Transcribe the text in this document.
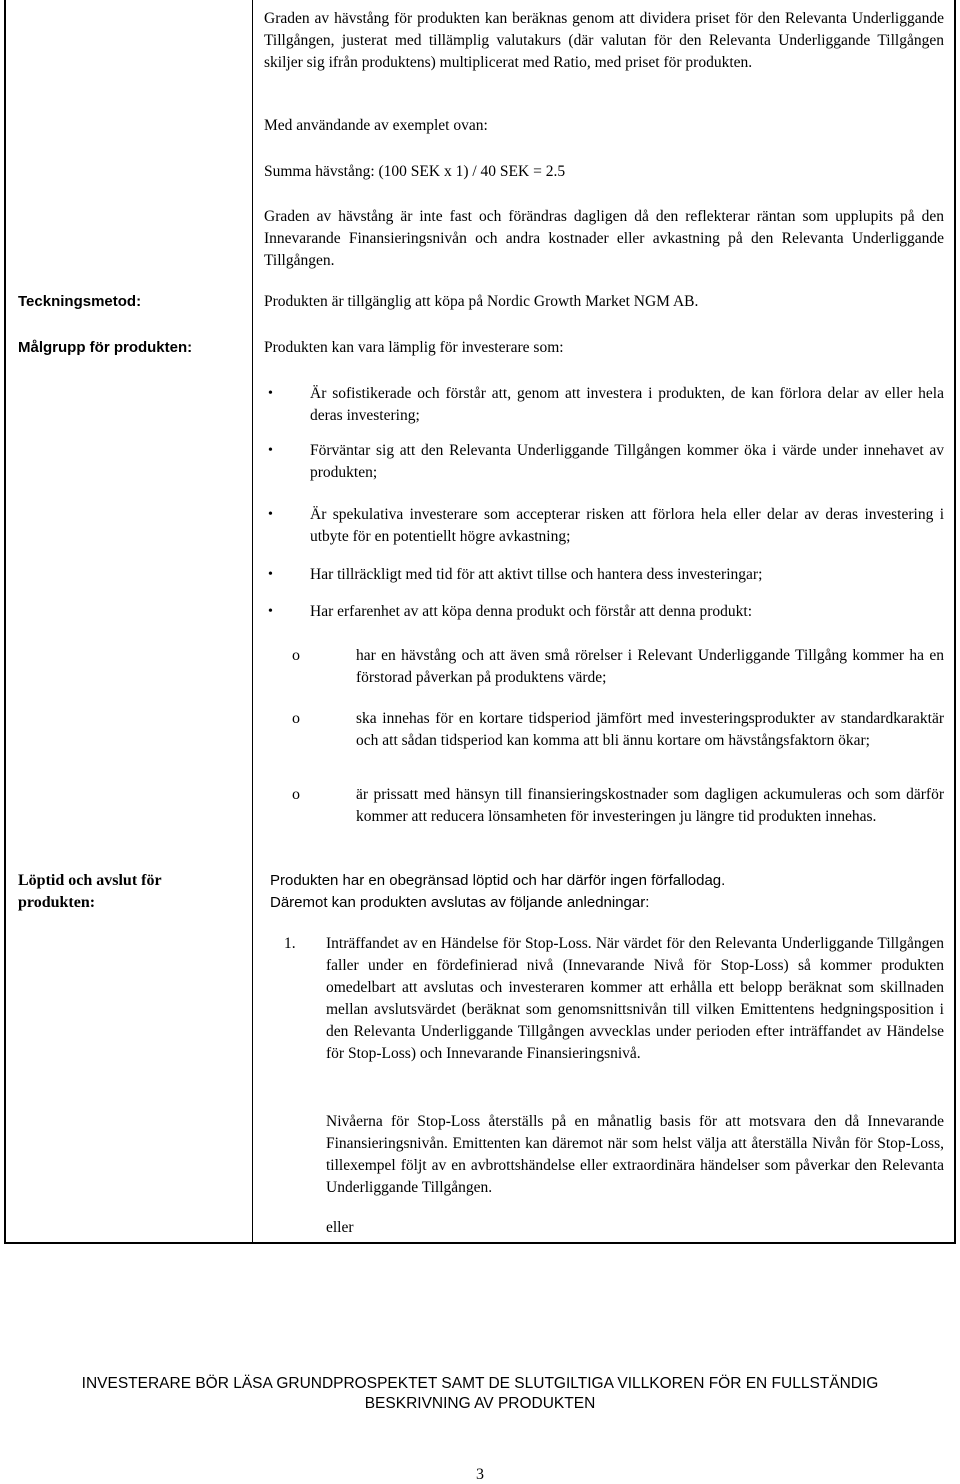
Graden av hävstång för produkten kan beräknas genom att dividera priset för den Relevanta Underliggande Tillgången, justerat med tillämplig valutakurs (där valutan för den Relevanta Underliggande Tillgången skiljer sig ifrån produktens) multiplicerat med Ratio, med priset för produkten.
Med användande av exemplet ovan:
Summa hävstång: (100 SEK x 1) / 40 SEK = 2.5
Graden av hävstång är inte fast och förändras dagligen då den reflekterar räntan som upplupits på den Innevarande Finansieringsnivån och andra kostnader eller avkastning på den Relevanta Underliggande Tillgången.
Teckningsmetod:	Produkten är tillgänglig att köpa på Nordic Growth Market NGM AB.
Målgrupp för produkten:	Produkten kan vara lämplig för investerare som:
• Är sofistikerade och förstår att, genom att investera i produkten, de kan förlora delar av eller hela deras investering;
• Förväntar sig att den Relevanta Underliggande Tillgången kommer öka i värde under innehavet av produkten;
• Är spekulativa investerare som accepterar risken att förlora hela eller delar av deras investering i utbyte för en potentiellt högre avkastning;
• Har tillräckligt med tid för att aktivt tillse och hantera dess investeringar;
• Har erfarenhet av att köpa denna produkt och förstår att denna produkt:
o	har en hävstång och att även små rörelser i Relevant Underliggande Tillgång kommer ha en förstorad påverkan på produktens värde;
o	ska innehas för en kortare tidsperiod jämfört med investeringsprodukter av standardkaraktär och att sådan tidsperiod kan komma att bli ännu kortare om hävstångsfaktorn ökar;
o	är prissatt med hänsyn till finansieringskostnader som dagligen ackumuleras och som därför kommer att reducera lönsamheten för investeringen ju längre tid produkten innehas.
Löptid och avslut för produkten:
Produkten har en obegränsad löptid och har därför ingen förfallodag.
Däremot kan produkten avslutas av följande anledningar:
1. Inträffandet av en Händelse för Stop-Loss. När värdet för den Relevanta Underliggande Tillgången faller under en fördefinierad nivå (Innevarande Nivå för Stop-Loss) så kommer produkten omedelbart att avslutas och investeraren kommer att erhålla ett belopp beräknat som skillnaden mellan avslutsvärdet (beräknat som genomsnittsnivån till vilken Emittentens hedgningsposition i den Relevanta Underliggande Tillgången avvecklas under perioden efter inträffandet av Händelse för Stop-Loss) och Innevarande Finansieringsnivå.
Nivåerna för Stop-Loss återställs på en månatlig basis för att motsvara den då Innevarande Finansieringsnivån. Emittenten kan däremot när som helst välja att återställa Nivån för Stop-Loss, tillexempel följt av en avbrottshändelse eller extraordinära händelser som påverkar den Relevanta Underliggande Tillgången.
eller
INVESTERARE BÖR LÄSA GRUNDPROSPEKTET SAMT DE SLUTGILTIGA VILLKOREN FÖR EN FULLSTÄNDIG
BESKRIVNING AV PRODUKTEN
3
